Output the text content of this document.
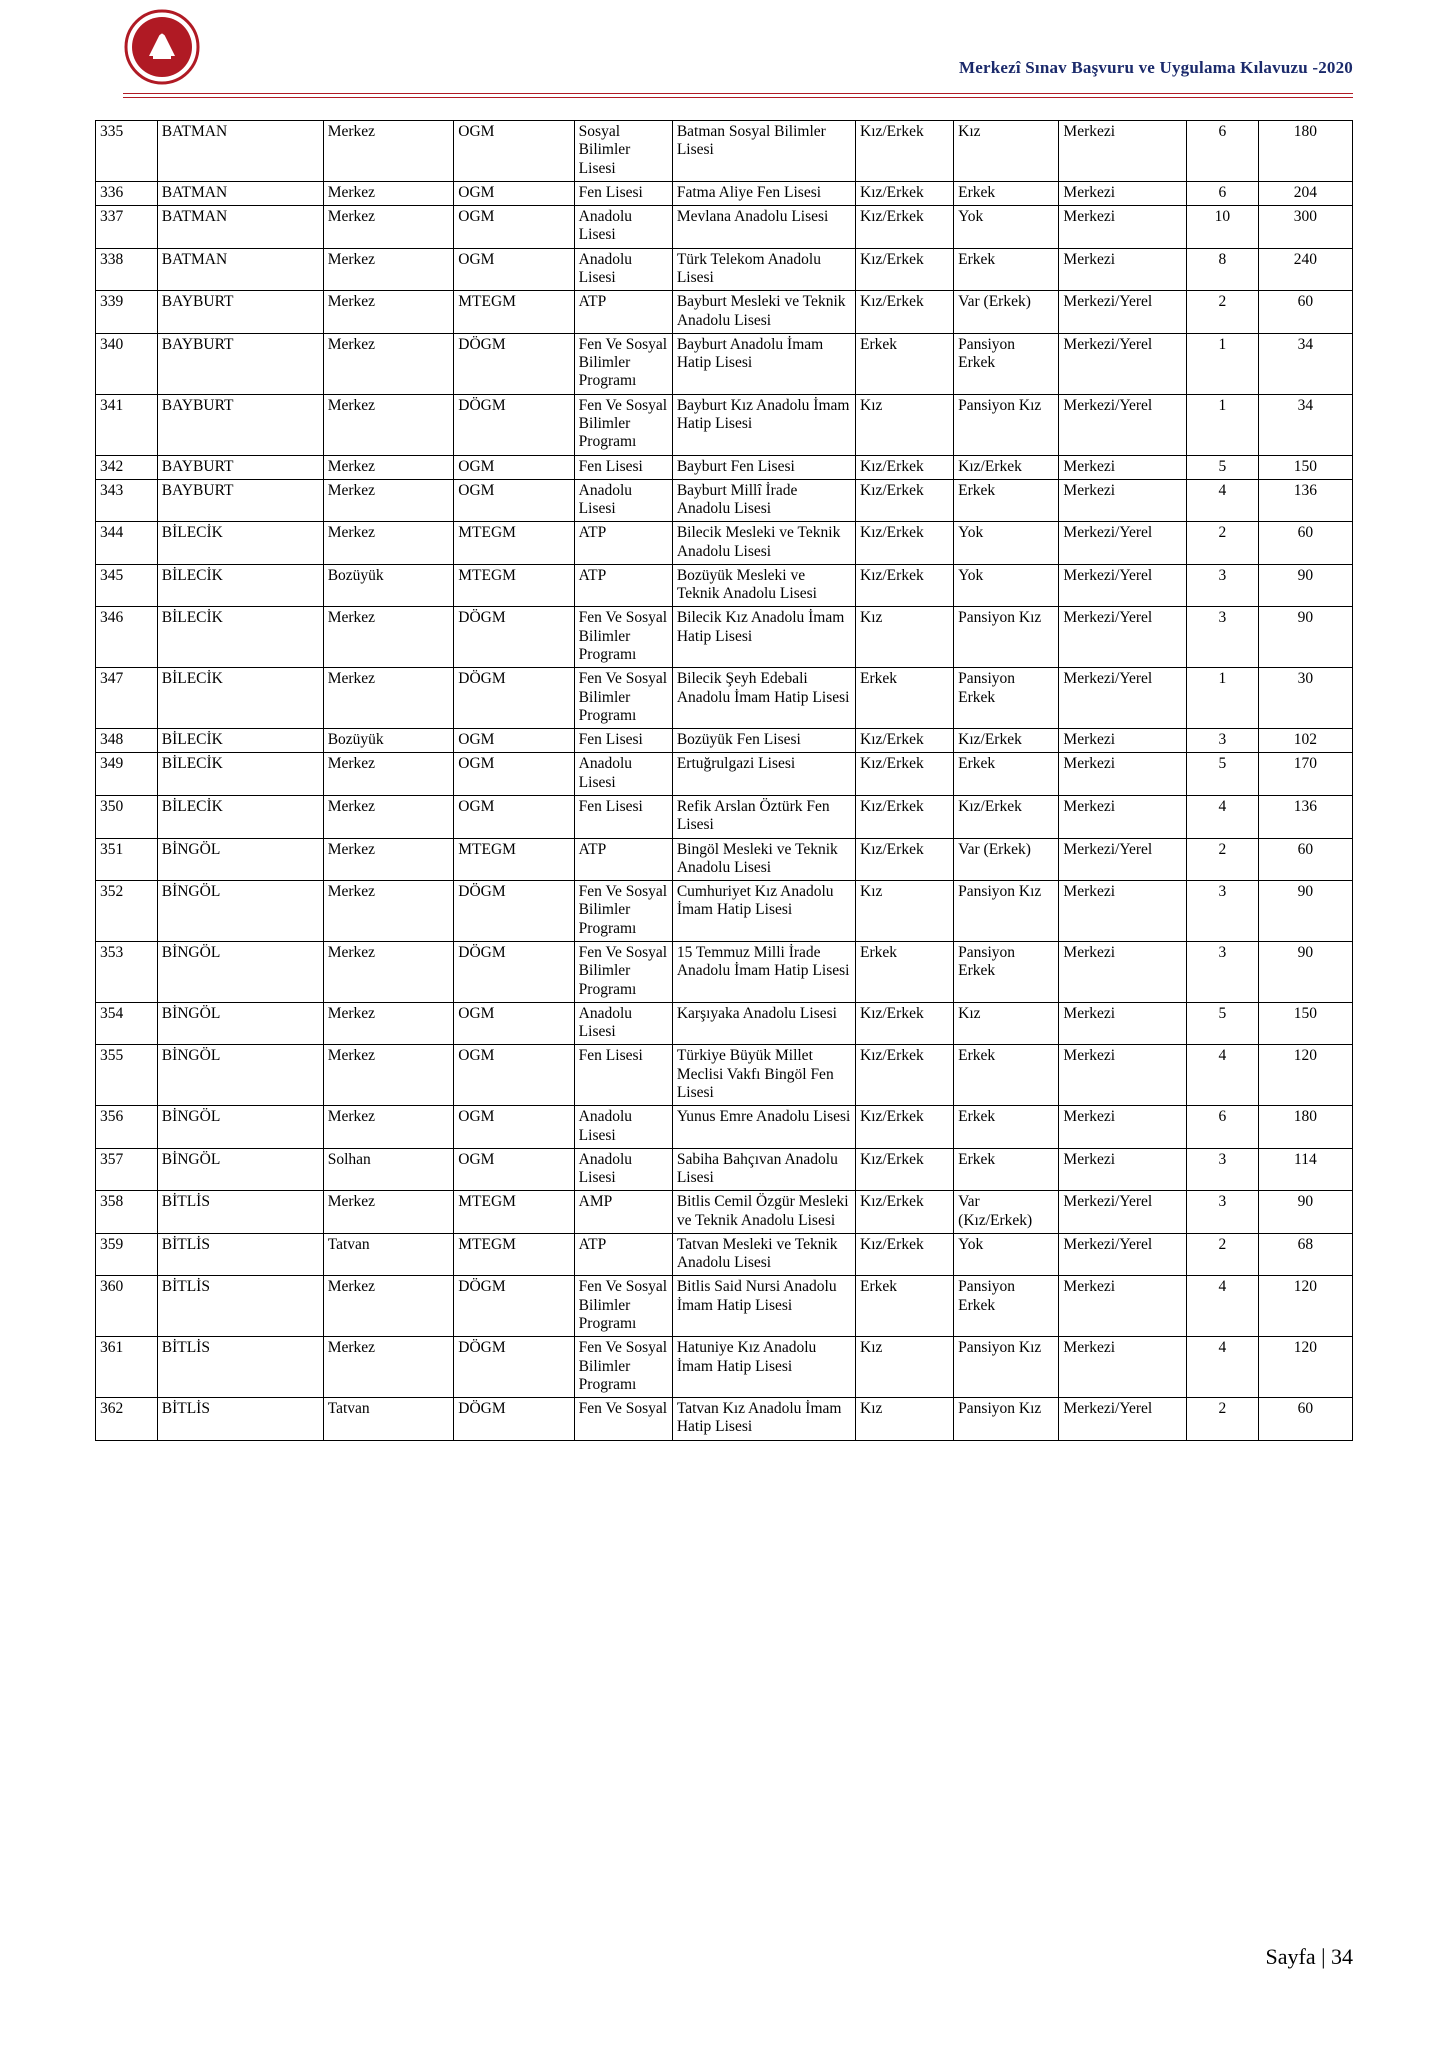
Merkezî Sınav Başvuru ve Uygulama Kılavuzu -2020
335	BATMAN	Merkez	OGM	Sosyal Bilimler Lisesi	Batman Sosyal Bilimler Lisesi	Kız/Erkek	Kız	Merkezi	6	180
336	BATMAN	Merkez	OGM	Fen Lisesi	Fatma Aliye Fen Lisesi	Kız/Erkek	Erkek	Merkezi	6	204
337	BATMAN	Merkez	OGM	Anadolu Lisesi	Mevlana Anadolu Lisesi	Kız/Erkek	Yok	Merkezi	10	300
338	BATMAN	Merkez	OGM	Anadolu Lisesi	Türk Telekom Anadolu Lisesi	Kız/Erkek	Erkek	Merkezi	8	240
339	BAYBURT	Merkez	MTEGM	ATP	Bayburt Mesleki ve Teknik Anadolu Lisesi	Kız/Erkek	Var (Erkek)	Merkezi/Yerel	2	60
340	BAYBURT	Merkez	DÖGM	Fen Ve Sosyal Bilimler Programı	Bayburt Anadolu İmam Hatip Lisesi	Erkek	Pansiyon Erkek	Merkezi/Yerel	1	34
341	BAYBURT	Merkez	DÖGM	Fen Ve Sosyal Bilimler Programı	Bayburt Kız Anadolu İmam Hatip Lisesi	Kız	Pansiyon Kız	Merkezi/Yerel	1	34
342	BAYBURT	Merkez	OGM	Fen Lisesi	Bayburt Fen Lisesi	Kız/Erkek	Kız/Erkek	Merkezi	5	150
343	BAYBURT	Merkez	OGM	Anadolu Lisesi	Bayburt Millî İrade Anadolu Lisesi	Kız/Erkek	Erkek	Merkezi	4	136
344	BİLECİK	Merkez	MTEGM	ATP	Bilecik Mesleki ve Teknik Anadolu Lisesi	Kız/Erkek	Yok	Merkezi/Yerel	2	60
345	BİLECİK	Bozüyük	MTEGM	ATP	Bozüyük Mesleki ve Teknik Anadolu Lisesi	Kız/Erkek	Yok	Merkezi/Yerel	3	90
346	BİLECİK	Merkez	DÖGM	Fen Ve Sosyal Bilimler Programı	Bilecik Kız Anadolu İmam Hatip Lisesi	Kız	Pansiyon Kız	Merkezi/Yerel	3	90
347	BİLECİK	Merkez	DÖGM	Fen Ve Sosyal Bilimler Programı	Bilecik Şeyh Edebali Anadolu İmam Hatip Lisesi	Erkek	Pansiyon Erkek	Merkezi/Yerel	1	30
348	BİLECİK	Bozüyük	OGM	Fen Lisesi	Bozüyük Fen Lisesi	Kız/Erkek	Kız/Erkek	Merkezi	3	102
349	BİLECİK	Merkez	OGM	Anadolu Lisesi	Ertuğrulgazi Lisesi	Kız/Erkek	Erkek	Merkezi	5	170
350	BİLECİK	Merkez	OGM	Fen Lisesi	Refik Arslan Öztürk Fen Lisesi	Kız/Erkek	Kız/Erkek	Merkezi	4	136
351	BİNGÖL	Merkez	MTEGM	ATP	Bingöl Mesleki ve Teknik Anadolu Lisesi	Kız/Erkek	Var (Erkek)	Merkezi/Yerel	2	60
352	BİNGÖL	Merkez	DÖGM	Fen Ve Sosyal Bilimler Programı	Cumhuriyet Kız Anadolu İmam Hatip Lisesi	Kız	Pansiyon Kız	Merkezi	3	90
353	BİNGÖL	Merkez	DÖGM	Fen Ve Sosyal Bilimler Programı	15 Temmuz Milli İrade Anadolu İmam Hatip Lisesi	Erkek	Pansiyon Erkek	Merkezi	3	90
354	BİNGÖL	Merkez	OGM	Anadolu Lisesi	Karşıyaka Anadolu Lisesi	Kız/Erkek	Kız	Merkezi	5	150
355	BİNGÖL	Merkez	OGM	Fen Lisesi	Türkiye Büyük Millet Meclisi Vakfı Bingöl Fen Lisesi	Kız/Erkek	Erkek	Merkezi	4	120
356	BİNGÖL	Merkez	OGM	Anadolu Lisesi	Yunus Emre Anadolu Lisesi	Kız/Erkek	Erkek	Merkezi	6	180
357	BİNGÖL	Solhan	OGM	Anadolu Lisesi	Sabiha Bahçıvan Anadolu Lisesi	Kız/Erkek	Erkek	Merkezi	3	114
358	BİTLİS	Merkez	MTEGM	AMP	Bitlis Cemil Özgür Mesleki ve Teknik Anadolu Lisesi	Kız/Erkek	Var (Kız/Erkek)	Merkezi/Yerel	3	90
359	BİTLİS	Tatvan	MTEGM	ATP	Tatvan Mesleki ve Teknik Anadolu Lisesi	Kız/Erkek	Yok	Merkezi/Yerel	2	68
360	BİTLİS	Merkez	DÖGM	Fen Ve Sosyal Bilimler Programı	Bitlis Said Nursi Anadolu İmam Hatip Lisesi	Erkek	Pansiyon Erkek	Merkezi	4	120
361	BİTLİS	Merkez	DÖGM	Fen Ve Sosyal Bilimler Programı	Hatuniye Kız Anadolu İmam Hatip Lisesi	Kız	Pansiyon Kız	Merkezi	4	120
362	BİTLİS	Tatvan	DÖGM	Fen Ve Sosyal	Tatvan Kız Anadolu İmam Hatip Lisesi	Kız	Pansiyon Kız	Merkezi/Yerel	2	60
Sayfa | 34
